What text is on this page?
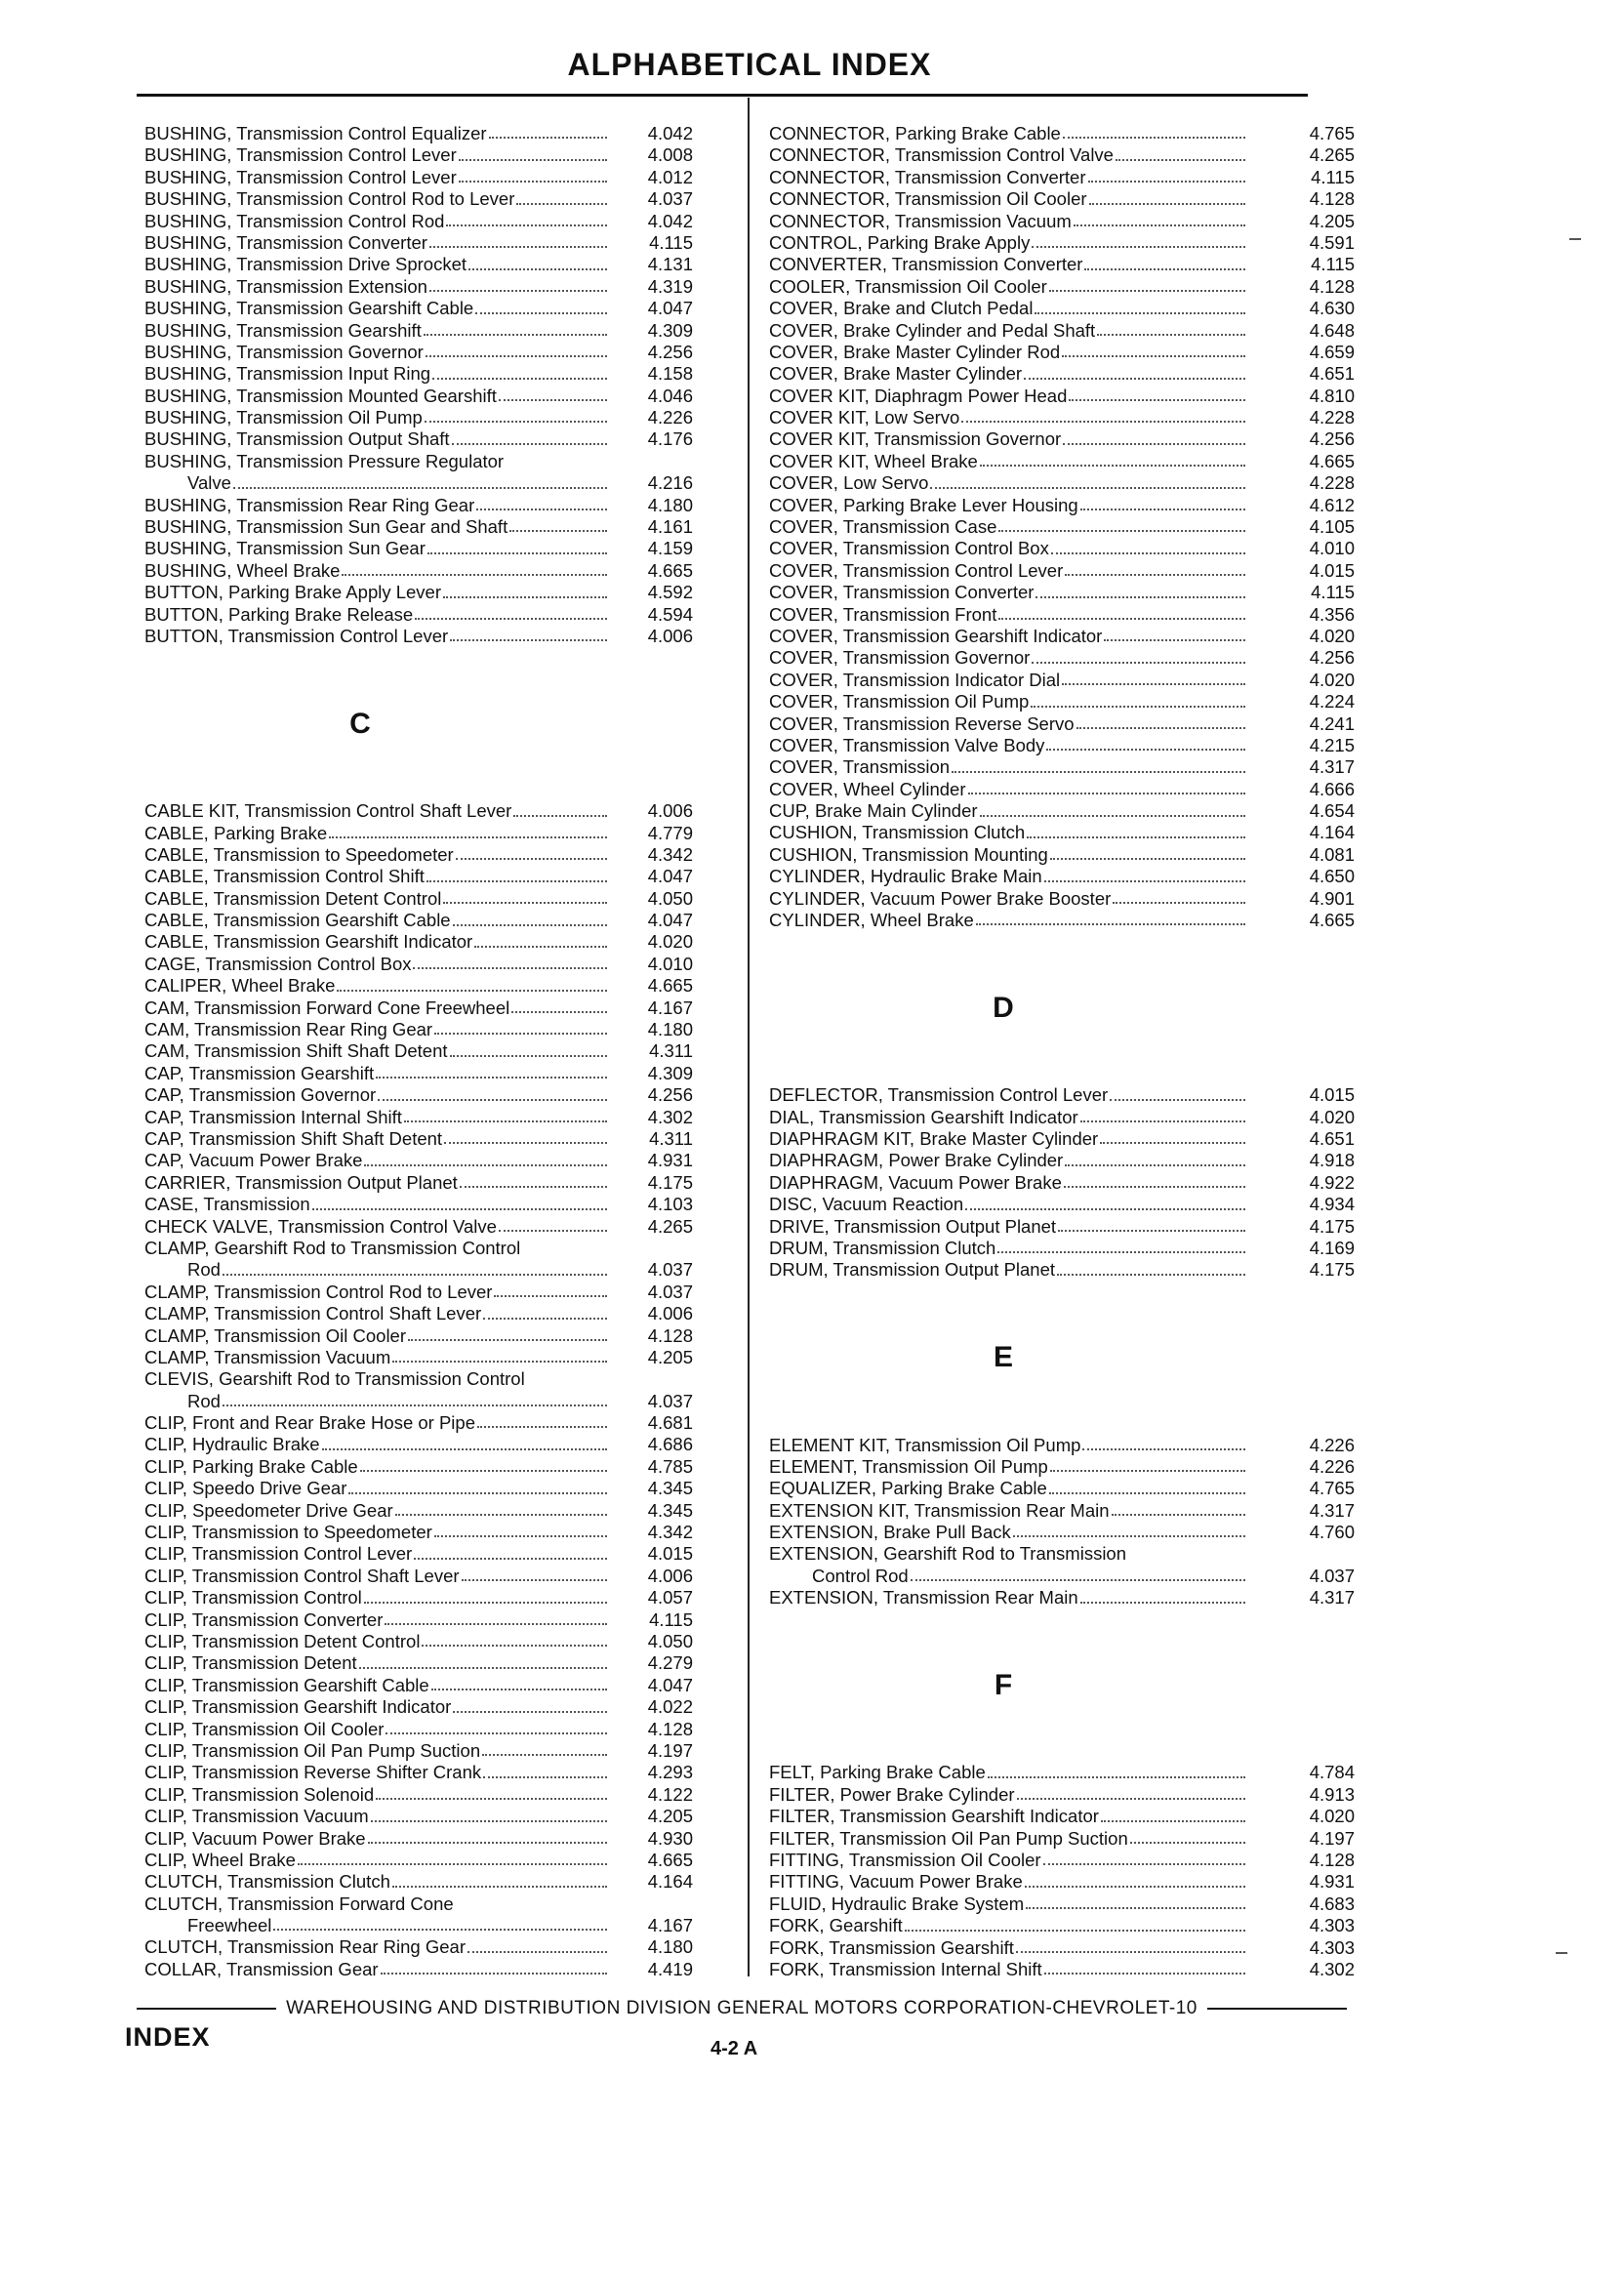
ALPHABETICAL INDEX
BUSHING, Transmission Control Equalizer	4.042
BUSHING, Transmission Control Lever	4.008
BUSHING, Transmission Control Lever	4.012
BUSHING, Transmission Control Rod to Lever	4.037
BUSHING, Transmission Control Rod	4.042
BUSHING, Transmission Converter	4.115
BUSHING, Transmission Drive Sprocket	4.131
BUSHING, Transmission Extension	4.319
BUSHING, Transmission Gearshift Cable	4.047
BUSHING, Transmission Gearshift	4.309
BUSHING, Transmission Governor	4.256
BUSHING, Transmission Input Ring	4.158
BUSHING, Transmission Mounted Gearshift	4.046
BUSHING, Transmission Oil Pump	4.226
BUSHING, Transmission Output Shaft	4.176
BUSHING, Transmission Pressure Regulator
Valve	4.216
BUSHING, Transmission Rear Ring Gear	4.180
BUSHING, Transmission Sun Gear and Shaft	4.161
BUSHING, Transmission Sun Gear	4.159
BUSHING, Wheel Brake	4.665
BUTTON, Parking Brake Apply Lever	4.592
BUTTON, Parking Brake Release	4.594
BUTTON, Transmission Control Lever	4.006
C
CABLE KIT, Transmission Control Shaft Lever	4.006
CABLE, Parking Brake	4.779
CABLE, Transmission to Speedometer	4.342
CABLE, Transmission Control Shift	4.047
CABLE, Transmission Detent Control	4.050
CABLE, Transmission Gearshift Cable	4.047
CABLE, Transmission Gearshift Indicator	4.020
CAGE, Transmission Control Box	4.010
CALIPER, Wheel Brake	4.665
CAM, Transmission Forward Cone Freewheel	4.167
CAM, Transmission Rear Ring Gear	4.180
CAM, Transmission Shift Shaft Detent	4.311
CAP, Transmission Gearshift	4.309
CAP, Transmission Governor	4.256
CAP, Transmission Internal Shift	4.302
CAP, Transmission Shift Shaft Detent	4.311
CAP, Vacuum Power Brake	4.931
CARRIER, Transmission Output Planet	4.175
CASE, Transmission	4.103
CHECK VALVE, Transmission Control Valve	4.265
CLAMP, Gearshift Rod to Transmission Control
Rod	4.037
CLAMP, Transmission Control Rod to Lever	4.037
CLAMP, Transmission Control Shaft Lever	4.006
CLAMP, Transmission Oil Cooler	4.128
CLAMP, Transmission Vacuum	4.205
CLEVIS, Gearshift Rod to Transmission Control
Rod	4.037
CLIP, Front and Rear Brake Hose or Pipe	4.681
CLIP, Hydraulic Brake	4.686
CLIP, Parking Brake Cable	4.785
CLIP, Speedo Drive Gear	4.345
CLIP, Speedometer Drive Gear	4.345
CLIP, Transmission to Speedometer	4.342
CLIP, Transmission Control Lever	4.015
CLIP, Transmission Control Shaft Lever	4.006
CLIP, Transmission Control	4.057
CLIP, Transmission Converter	4.115
CLIP, Transmission Detent Control	4.050
CLIP, Transmission Detent	4.279
CLIP, Transmission Gearshift Cable	4.047
CLIP, Transmission Gearshift Indicator	4.022
CLIP, Transmission Oil Cooler	4.128
CLIP, Transmission Oil Pan Pump Suction	4.197
CLIP, Transmission Reverse Shifter Crank	4.293
CLIP, Transmission Solenoid	4.122
CLIP, Transmission Vacuum	4.205
CLIP, Vacuum Power Brake	4.930
CLIP, Wheel Brake	4.665
CLUTCH, Transmission Clutch	4.164
CLUTCH, Transmission Forward Cone
Freewheel	4.167
CLUTCH, Transmission Rear Ring Gear	4.180
COLLAR, Transmission Gear	4.419
CONNECTOR, Parking Brake Cable	4.765
CONNECTOR, Transmission Control Valve	4.265
CONNECTOR, Transmission Converter	4.115
CONNECTOR, Transmission Oil Cooler	4.128
CONNECTOR, Transmission Vacuum	4.205
CONTROL, Parking Brake Apply	4.591
CONVERTER, Transmission Converter	4.115
COOLER, Transmission Oil Cooler	4.128
COVER, Brake and Clutch Pedal	4.630
COVER, Brake Cylinder and Pedal Shaft	4.648
COVER, Brake Master Cylinder Rod	4.659
COVER, Brake Master Cylinder	4.651
COVER KIT, Diaphragm Power Head	4.810
COVER KIT, Low Servo	4.228
COVER KIT, Transmission Governor	4.256
COVER KIT, Wheel Brake	4.665
COVER, Low Servo	4.228
COVER, Parking Brake Lever Housing	4.612
COVER, Transmission Case	4.105
COVER, Transmission Control Box	4.010
COVER, Transmission Control Lever	4.015
COVER, Transmission Converter	4.115
COVER, Transmission Front	4.356
COVER, Transmission Gearshift Indicator	4.020
COVER, Transmission Governor	4.256
COVER, Transmission Indicator Dial	4.020
COVER, Transmission Oil Pump	4.224
COVER, Transmission Reverse Servo	4.241
COVER, Transmission Valve Body	4.215
COVER, Transmission	4.317
COVER, Wheel Cylinder	4.666
CUP, Brake Main Cylinder	4.654
CUSHION, Transmission Clutch	4.164
CUSHION, Transmission Mounting	4.081
CYLINDER, Hydraulic Brake Main	4.650
CYLINDER, Vacuum Power Brake Booster	4.901
CYLINDER, Wheel Brake	4.665
D
DEFLECTOR, Transmission Control Lever	4.015
DIAL, Transmission Gearshift Indicator	4.020
DIAPHRAGM KIT, Brake Master Cylinder	4.651
DIAPHRAGM, Power Brake Cylinder	4.918
DIAPHRAGM, Vacuum Power Brake	4.922
DISC, Vacuum Reaction	4.934
DRIVE, Transmission Output Planet	4.175
DRUM, Transmission Clutch	4.169
DRUM, Transmission Output Planet	4.175
E
ELEMENT KIT, Transmission Oil Pump	4.226
ELEMENT, Transmission Oil Pump	4.226
EQUALIZER, Parking Brake Cable	4.765
EXTENSION KIT, Transmission Rear Main	4.317
EXTENSION, Brake Pull Back	4.760
EXTENSION, Gearshift Rod to Transmission
Control Rod	4.037
EXTENSION, Transmission Rear Main	4.317
F
FELT, Parking Brake Cable	4.784
FILTER, Power Brake Cylinder	4.913
FILTER, Transmission Gearshift Indicator	4.020
FILTER, Transmission Oil Pan Pump Suction	4.197
FITTING, Transmission Oil Cooler	4.128
FITTING, Vacuum Power Brake	4.931
FLUID, Hydraulic Brake System	4.683
FORK, Gearshift	4.303
FORK, Transmission Gearshift	4.303
FORK, Transmission Internal Shift	4.302
WAREHOUSING AND DISTRIBUTION DIVISION GENERAL MOTORS CORPORATION-CHEVROLET-10
INDEX	4-2 A
